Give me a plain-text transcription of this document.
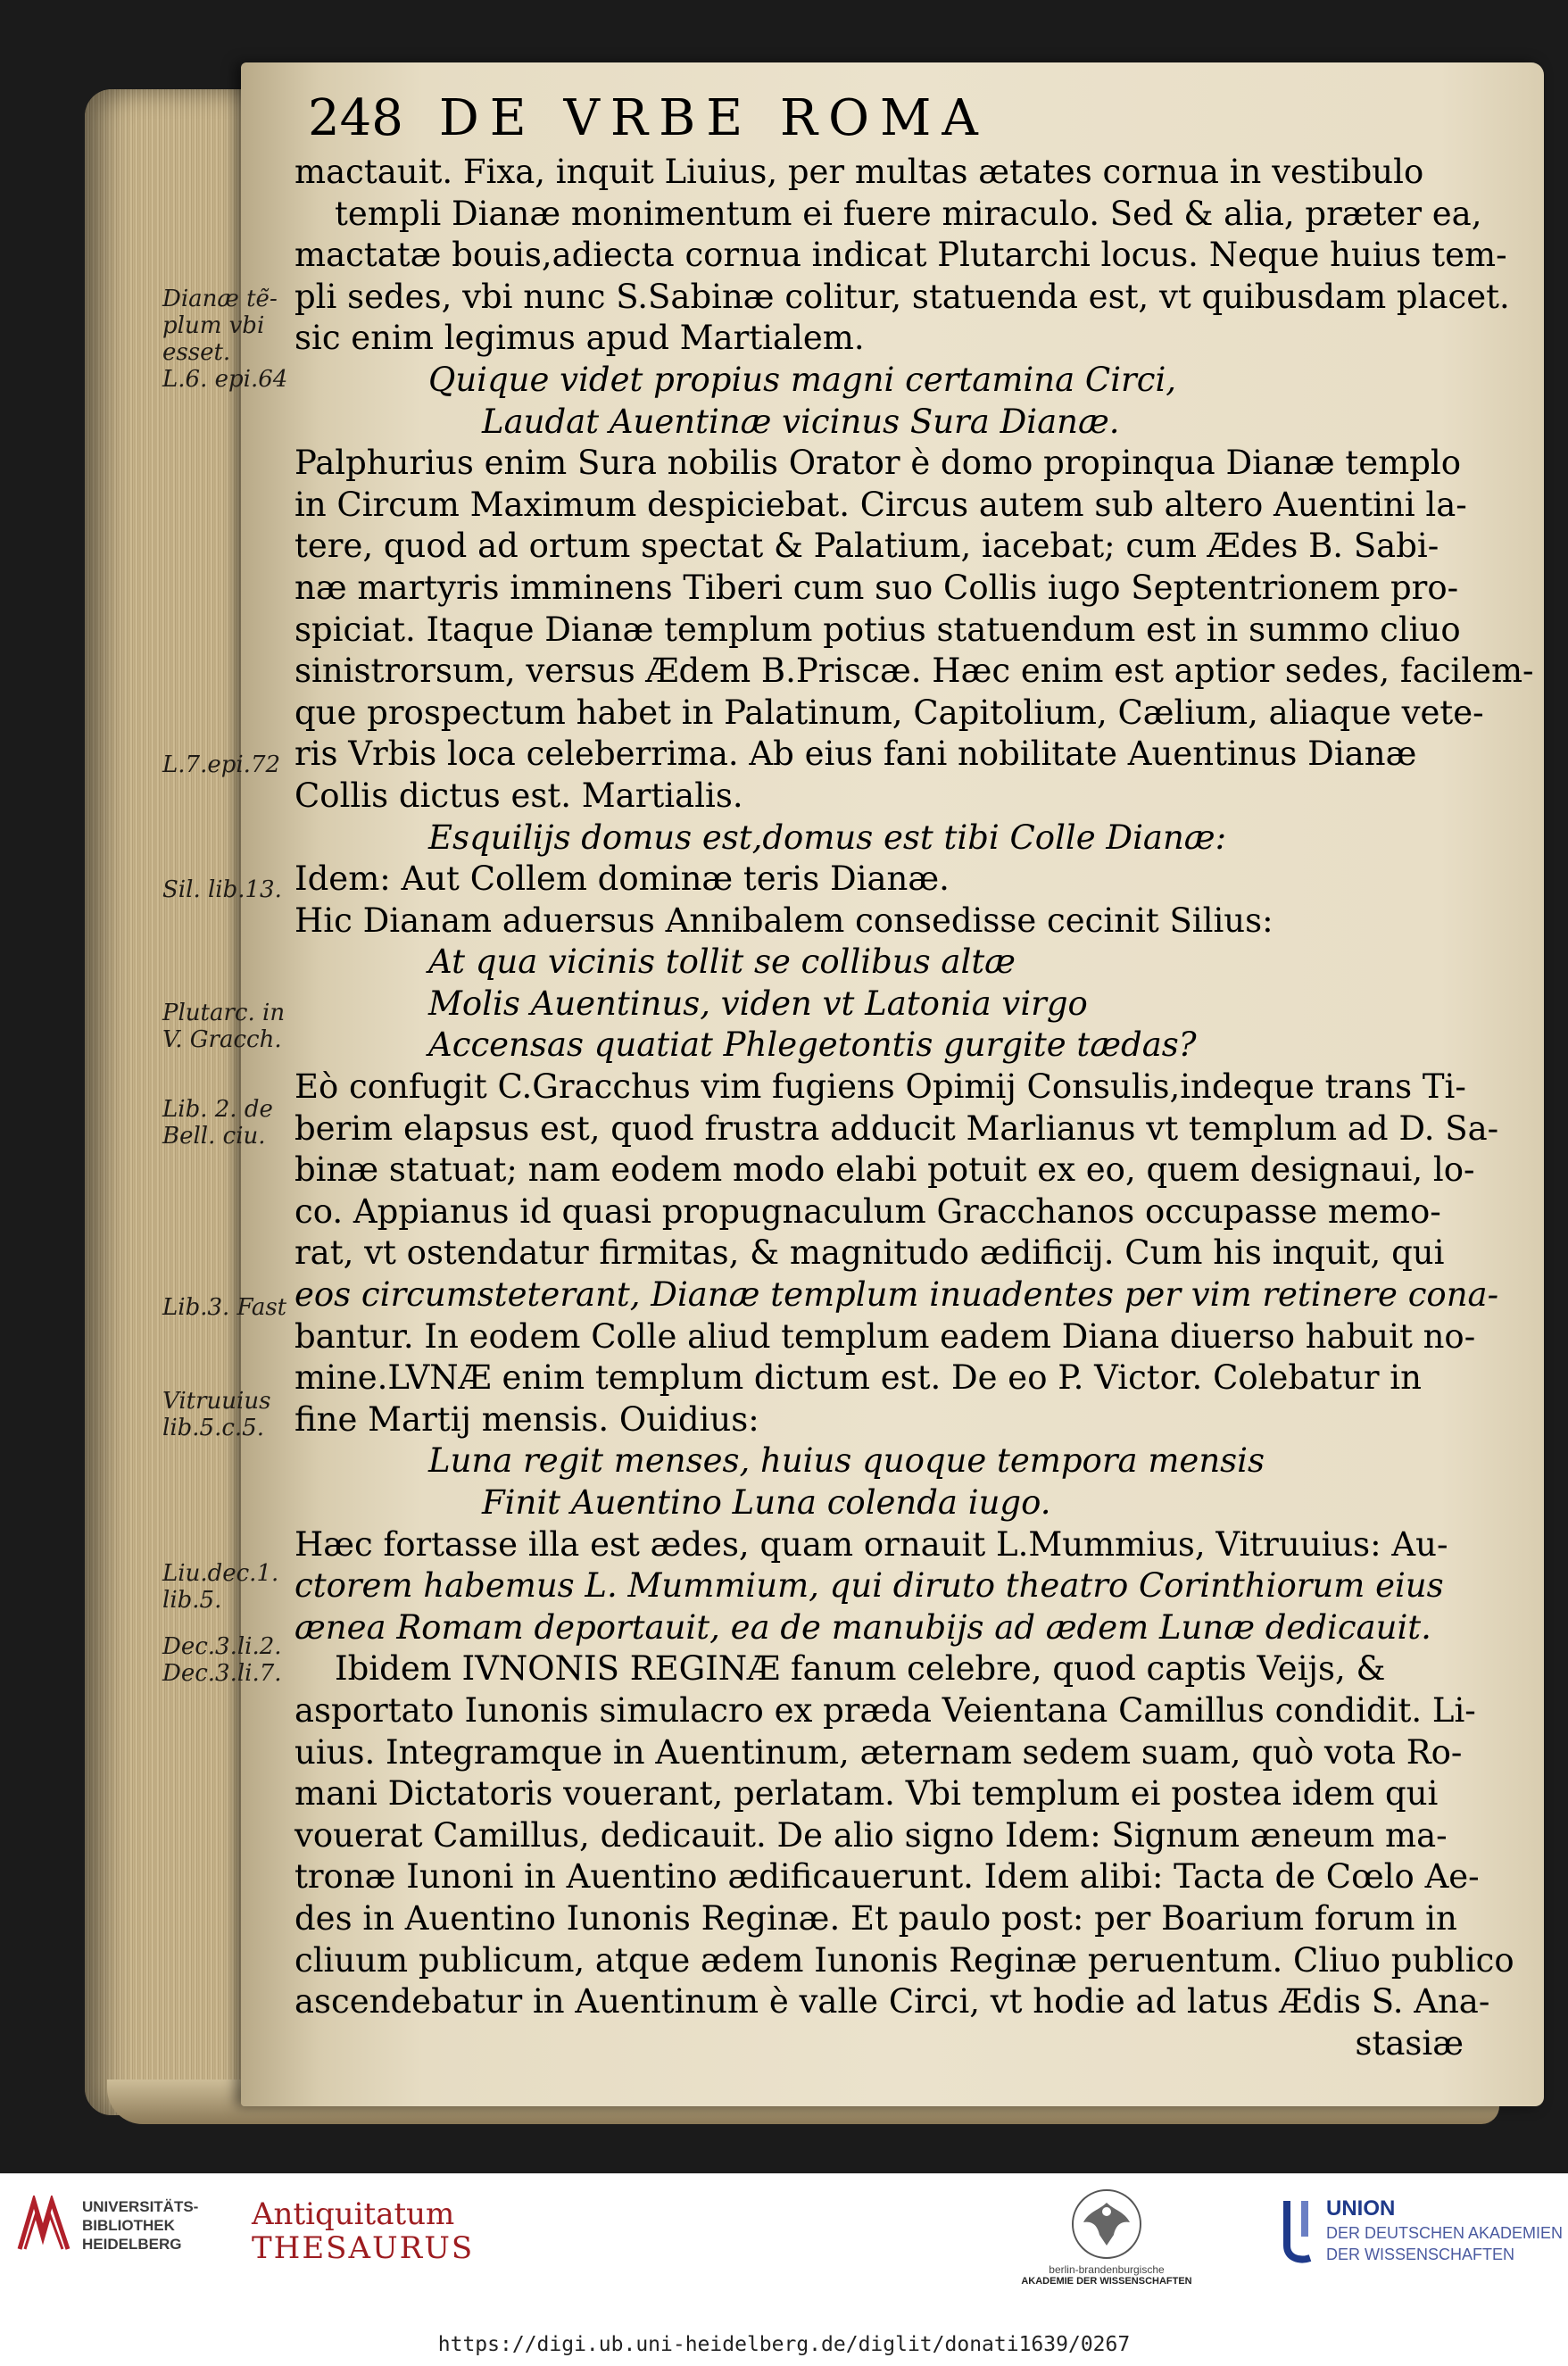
248 DE VRBE ROMA
mactauit. Fixa, inquit Liuius, per multas ætates cornua in vestibulo
templi Dianæ monimentum ei fuere miraculo. Sed & alia, præter ea,
mactatæ bouis,adiecta cornua indicat Plutarchi locus. Neque huius tem-
pli sedes, vbi nunc S.Sabinæ colitur, statuenda est, vt quibusdam placet.
sic enim legimus apud Martialem.
Quique videt propius magni certamina Circi,
Laudat Auentinæ vicinus Sura Dianæ.
Palphurius enim Sura nobilis Orator è domo propinqua Dianæ templo
in Circum Maximum despiciebat. Circus autem sub altero Auentini la-
tere, quod ad ortum spectat & Palatium, iacebat; cum Ædes B. Sabi-
næ martyris imminens Tiberi cum suo Collis iugo Septentrionem pro-
spiciat. Itaque Dianæ templum potius statuendum est in summo cliuo
sinistrorsum, versus Ædem B.Priscæ. Hæc enim est aptior sedes, facilem-
que prospectum habet in Palatinum, Capitolium, Cælium, aliaque vete-
ris Vrbis loca celeberrima. Ab eius fani nobilitate Auentinus Dianæ
Collis dictus est. Martialis.
Esquilijs domus est,domus est tibi Colle Dianæ:
Idem: Aut Collem dominæ teris Dianæ.
Hic Dianam aduersus Annibalem consedisse cecinit Silius:
At qua vicinis tollit se collibus altæ
Molis Auentinus, viden vt Latonia virgo
Accensas quatiat Phlegetontis gurgite tædas?
Eò confugit C.Gracchus vim fugiens Opimij Consulis,indeque trans Ti-
berim elapsus est, quod frustra adducit Marlianus vt templum ad D. Sa-
binæ statuat; nam eodem modo elabi potuit ex eo, quem designaui, lo-
co. Appianus id quasi propugnaculum Gracchanos occupasse memo-
rat, vt ostendatur firmitas, & magnitudo ædificij. Cum his inquit, qui
eos circumsteterant, Dianæ templum inuadentes per vim retinere cona-
bantur. In eodem Colle aliud templum eadem Diana diuerso habuit no-
mine.LVNÆ enim templum dictum est. De eo P. Victor. Colebatur in
fine Martij mensis. Ouidius:
Luna regit menses, huius quoque tempora mensis
Finit Auentino Luna colenda iugo.
Hæc fortasse illa est ædes, quam ornauit L.Mummius, Vitruuius: Au-
ctorem habemus L. Mummium, qui diruto theatro Corinthiorum eius
ænea Romam deportauit, ea de manubijs ad ædem Lunæ dedicauit.
Ibidem IVNONIS REGINÆ fanum celebre, quod captis Veijs, &
asportato Iunonis simulacro ex præda Veientana Camillus condidit. Li-
uius. Integramque in Auentinum, æternam sedem suam, quò vota Ro-
mani Dictatoris vouerant, perlatam. Vbi templum ei postea idem qui
vouerat Camillus, dedicauit. De alio signo Idem: Signum æneum ma-
tronæ Iunoni in Auentino ædificauerunt. Idem alibi: Tacta de Cœlo Ae-
des in Auentino Iunonis Reginæ. Et paulo post: per Boarium forum in
cliuum publicum, atque ædem Iunonis Reginæ peruentum. Cliuo publico
ascendebatur in Auentinum è valle Circi, vt hodie ad latus Ædis S. Ana-
stasiæ
Dianæ tẽ-
plum vbi
esset.
L.6. epi.64
L.7.epi.72
Sil. lib.13.
Plutarc. in
V. Gracch.
Lib. 2. de
Bell. ciu.
Lib.3. Fast
Vitruuius
lib.5.c.5.
Liu.dec.1.
lib.5.
Dec.3.li.2.
Dec.3.li.7.
UNIVERSITÄTS-
BIBLIOTHEK
HEIDELBERG
Antiquitatum
THESAURUS
berlin-brandenburgische
AKADEMIE DER WISSENSCHAFTEN
UNION
DER DEUTSCHEN AKADEMIEN
DER WISSENSCHAFTEN
https://digi.ub.uni-heidelberg.de/diglit/donati1639/0267
